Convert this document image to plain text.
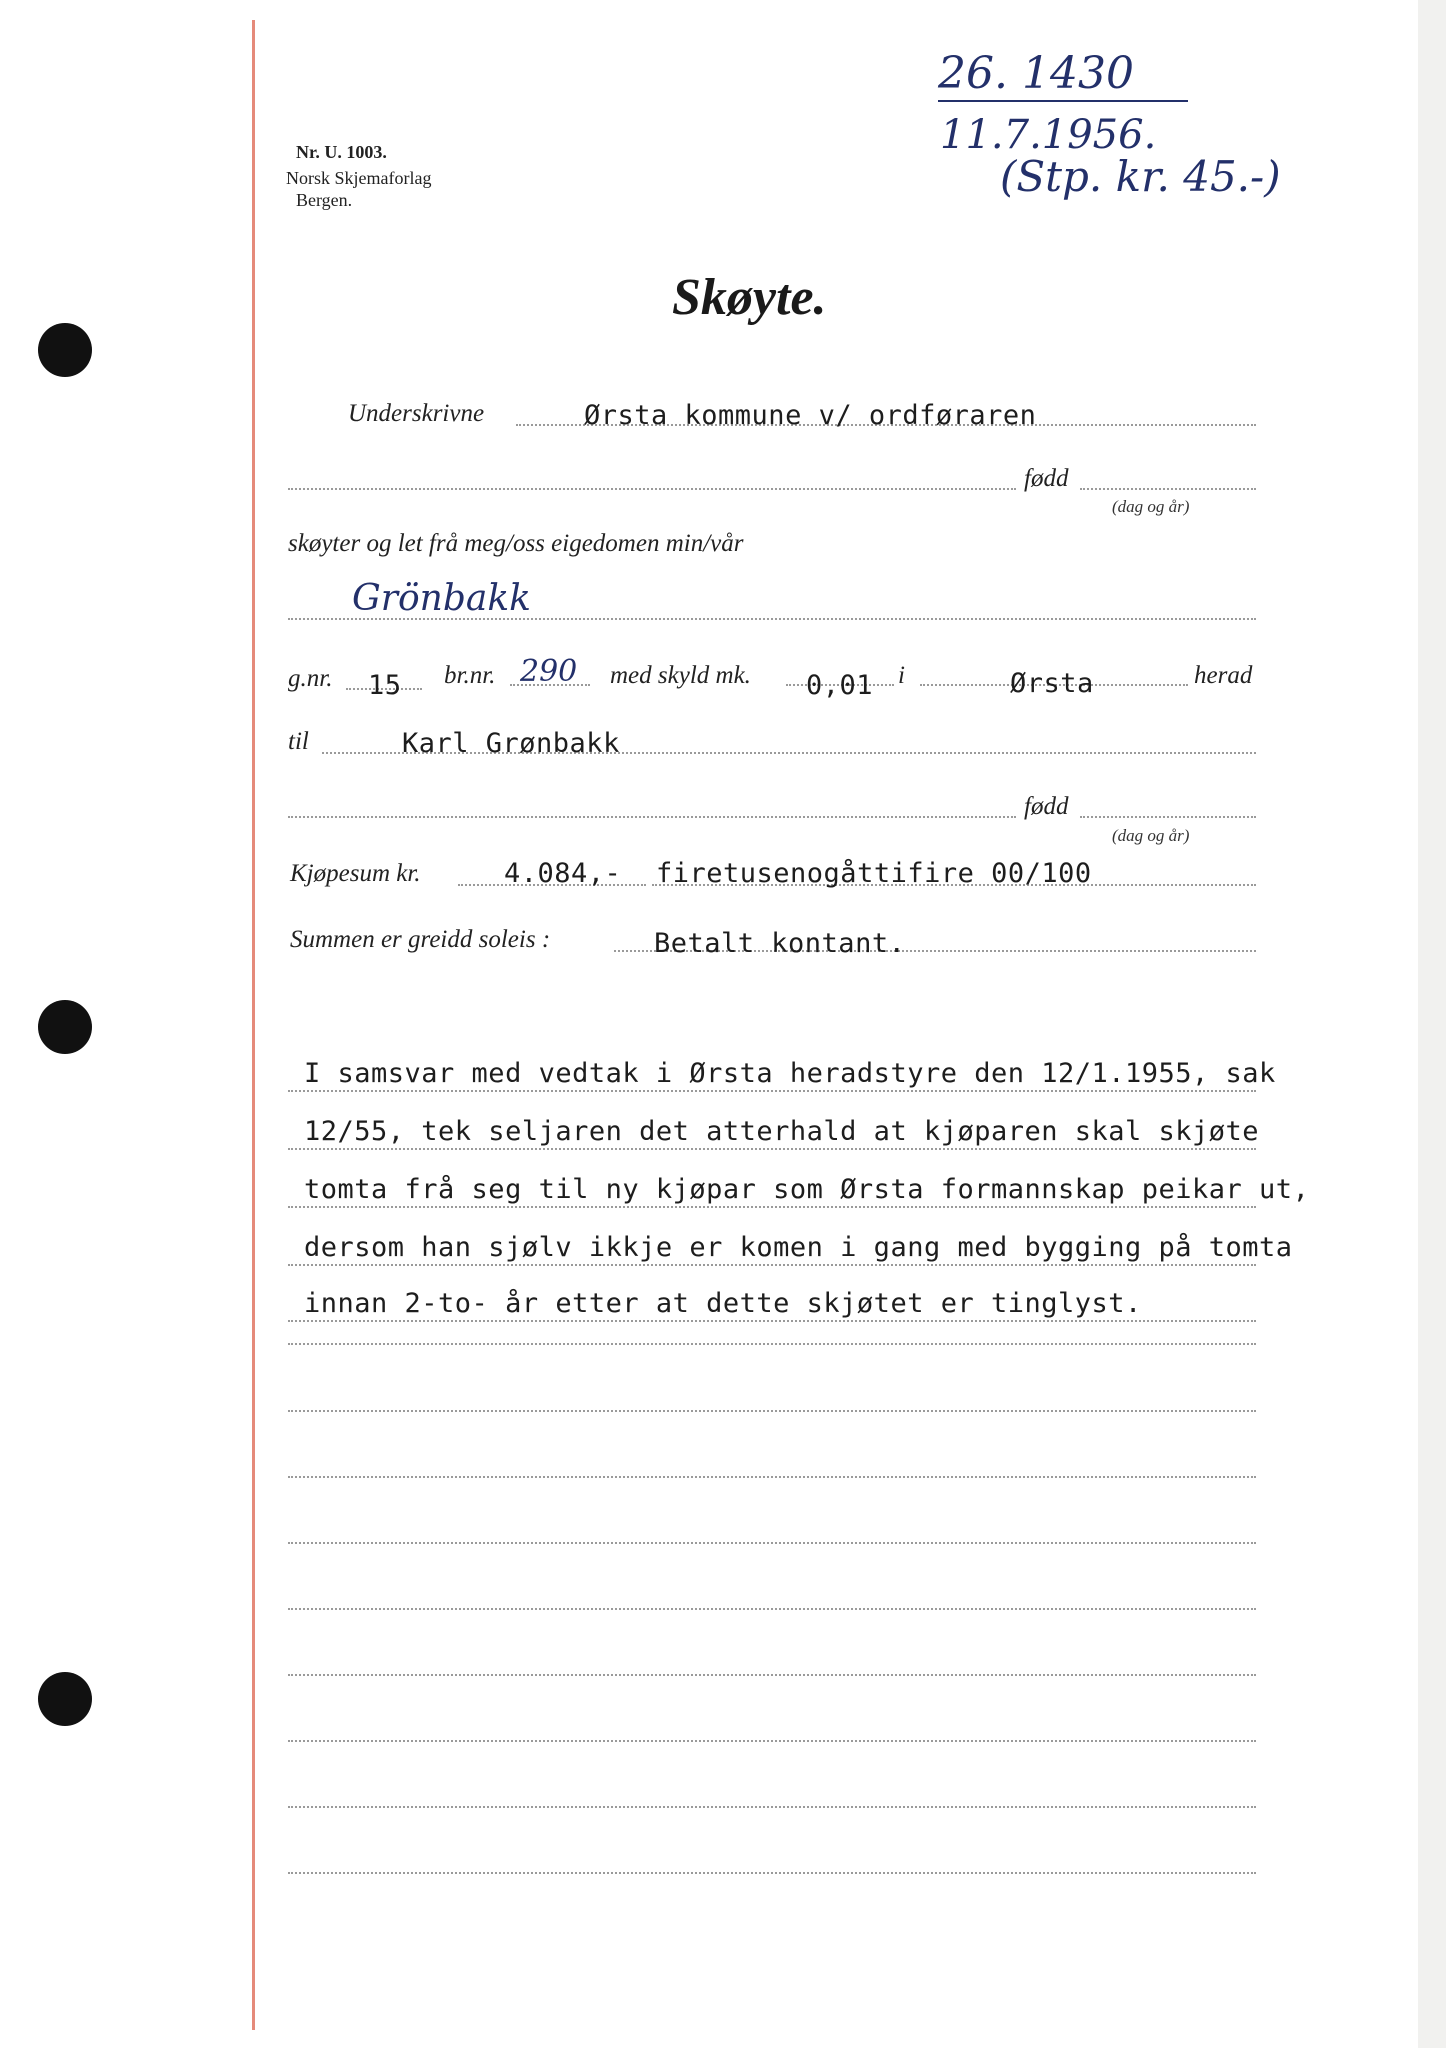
Nr. U. 1003.
Norsk Skjemaforlag
Bergen.
26. 1430
11.7.1956.
(Stp. kr. 45.-)
Skøyte.
Underskrivne	Ørsta kommune v/ ordføraren
fødd
(dag og år)
skøyter og let frå meg/oss eigedomen min/vår
Grönbakk
g.nr. 15 br.nr. 290 med skyld mk. 0,01 i	Ørsta	herad
til	Karl Grønbakk
fødd
(dag og år)
Kjøpesum kr.	4.084,- firetusenogåttifire 00/100
Summen er greidd soleis :	Betalt kontant.
I samsvar med vedtak i Ørsta heradstyre den 12/1.1955, sak
12/55, tek seljaren det atterhald at kjøparen skal skjøte
tomta frå seg til ny kjøpar som Ørsta formannskap peikar ut,
dersom han sjølv ikkje er komen i gang med bygging på tomta
innan 2-to- år etter at dette skjøtet er tinglyst.
